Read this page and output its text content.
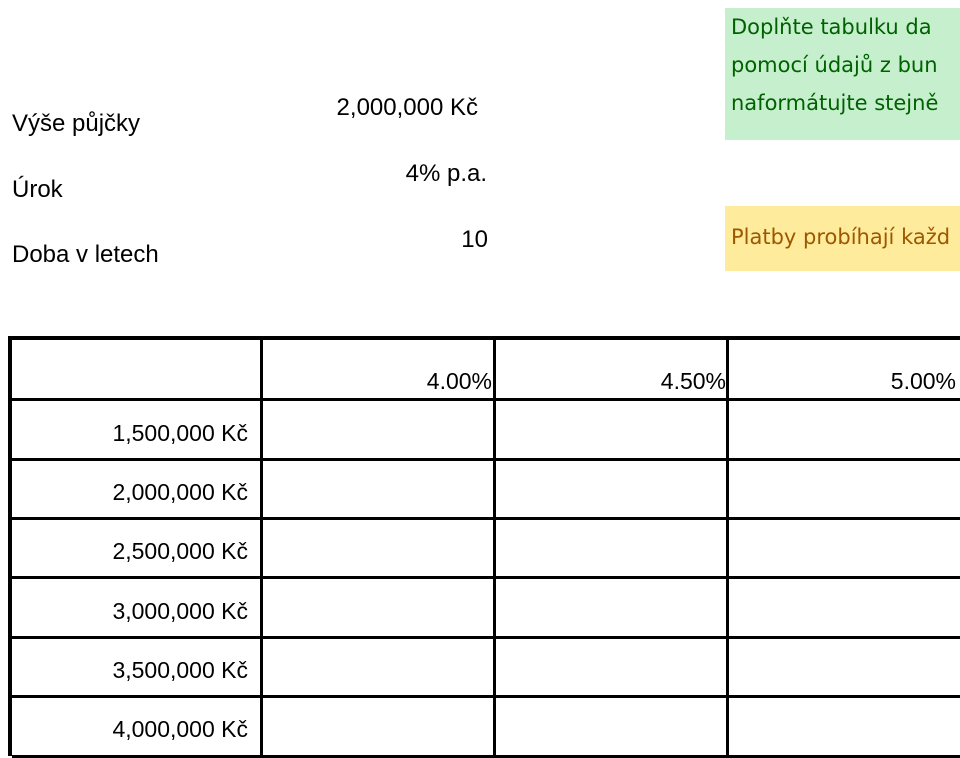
Výše půjčky
2,000,000 Kč
Úrok
4% p.a.
Doba v letech
10
Doplňte tabulku da
pomocí údajů z bun
naformátujte stejně
Platby probíhají každ
4.00%	4.50%	5.00%
1,500,000 Kč
2,000,000 Kč
2,500,000 Kč
3,000,000 Kč
3,500,000 Kč
4,000,000 Kč
